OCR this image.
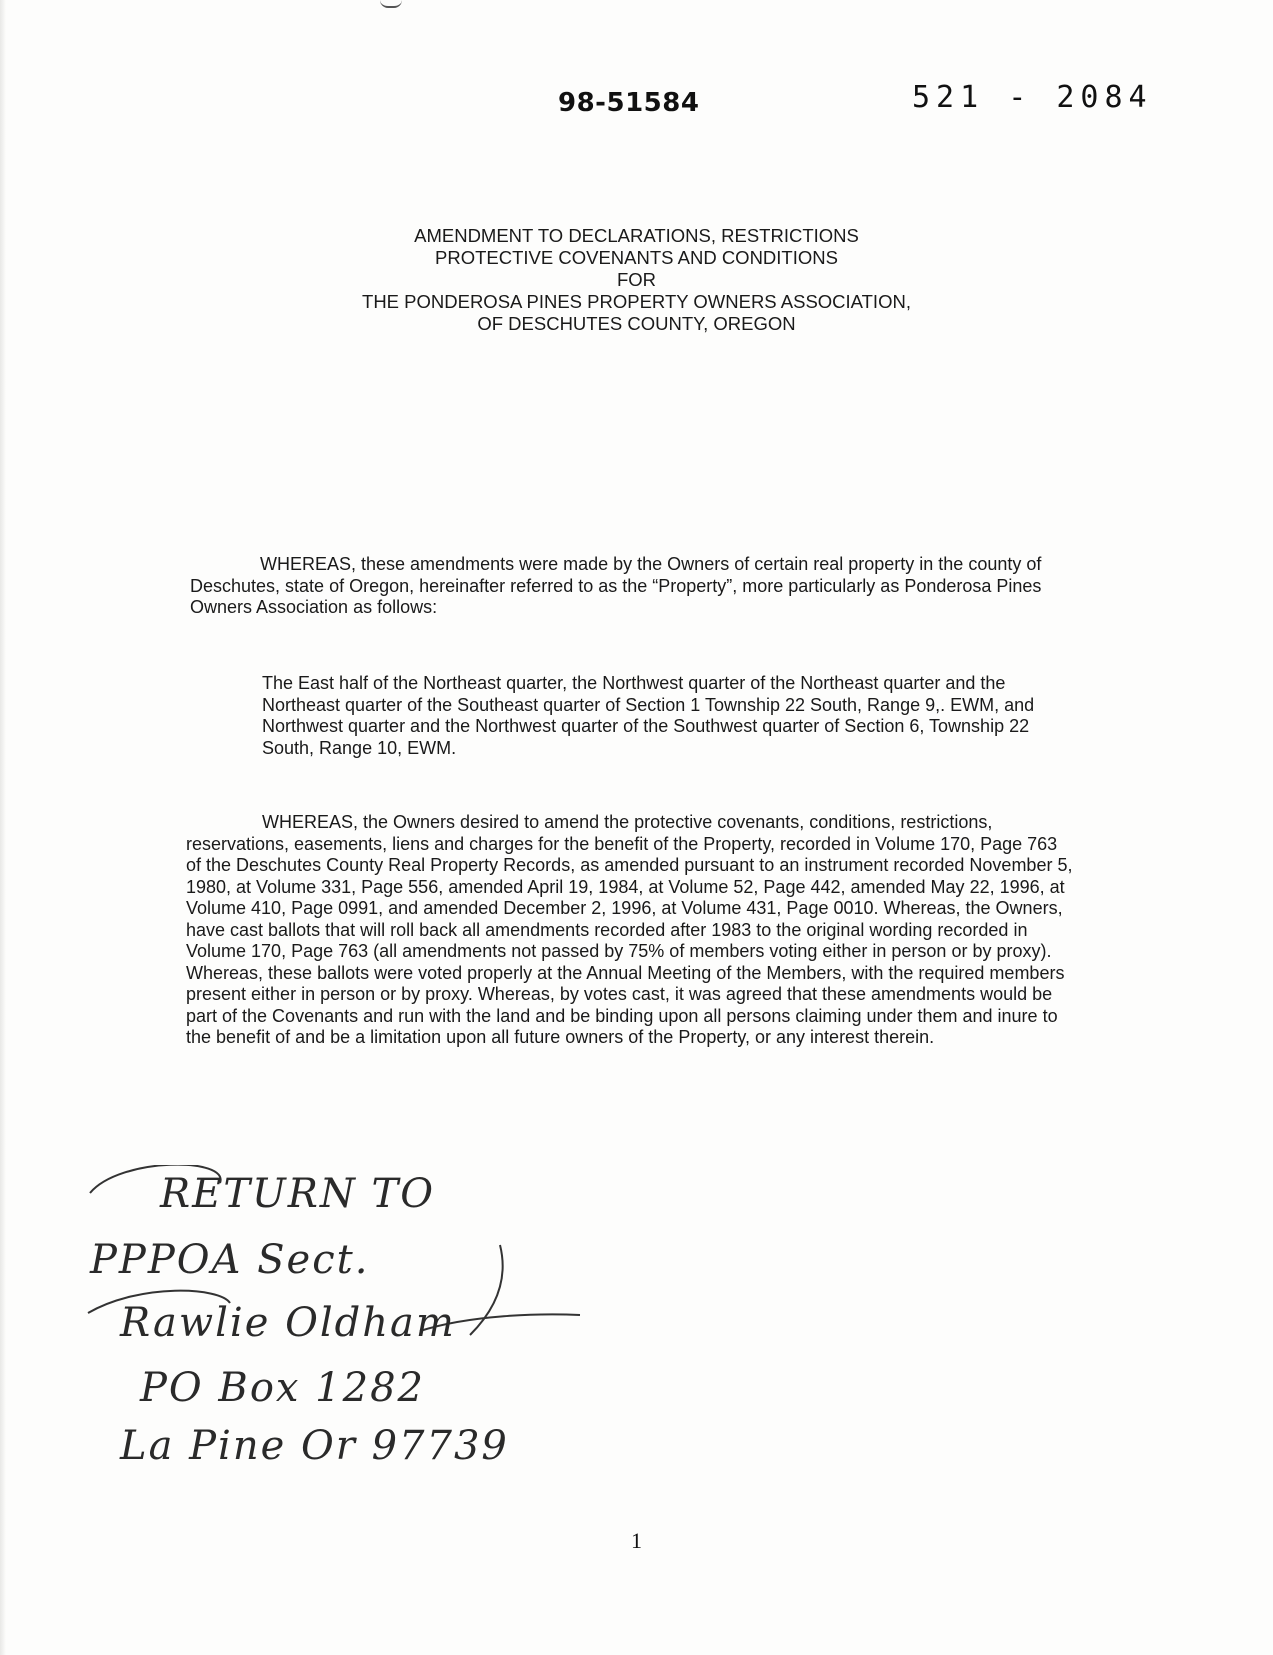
98-51584	521 - 2084
AMENDMENT TO DECLARATIONS, RESTRICTIONS
PROTECTIVE COVENANTS AND CONDITIONS
FOR
THE PONDEROSA PINES PROPERTY OWNERS ASSOCIATION,
OF DESCHUTES COUNTY, OREGON

WHEREAS, these amendments were made by the Owners of certain real property in the county of Deschutes, state of Oregon, hereinafter referred to as the “Property”, more particularly as Ponderosa Pines Owners Association as follows:

The East half of the Northeast quarter, the Northwest quarter of the Northeast quarter and the Northeast quarter of the Southeast quarter of Section 1 Township 22 South, Range 9,. EWM, and Northwest quarter and the Northwest quarter of the Southwest quarter of Section 6, Township 22 South, Range 10, EWM.

WHEREAS, the Owners desired to amend the protective covenants, conditions, restrictions, reservations, easements, liens and charges for the benefit of the Property, recorded in Volume 170, Page 763 of the Deschutes County Real Property Records, as amended pursuant to an instrument recorded November 5, 1980, at Volume 331, Page 556, amended April 19, 1984, at Volume 52, Page 442, amended May 22, 1996, at Volume 410, Page 0991, and amended December 2, 1996, at Volume 431, Page 0010. Whereas, the Owners, have cast ballots that will roll back all amendments recorded after 1983 to the original wording recorded in Volume 170, Page 763 (all amendments not passed by 75% of members voting either in person or by proxy). Whereas, these ballots were voted properly at the Annual Meeting of the Members, with the required members present either in person or by proxy. Whereas, by votes cast, it was agreed that these amendments would be part of the Covenants and run with the land and be binding upon all persons claiming under them and inure to the benefit of and be a limitation upon all future owners of the Property, or any interest therein.

RETURN TO
PPPOA Sect.
Rawlie Oldham
PO Box 1282
La Pine Or 97739
1
